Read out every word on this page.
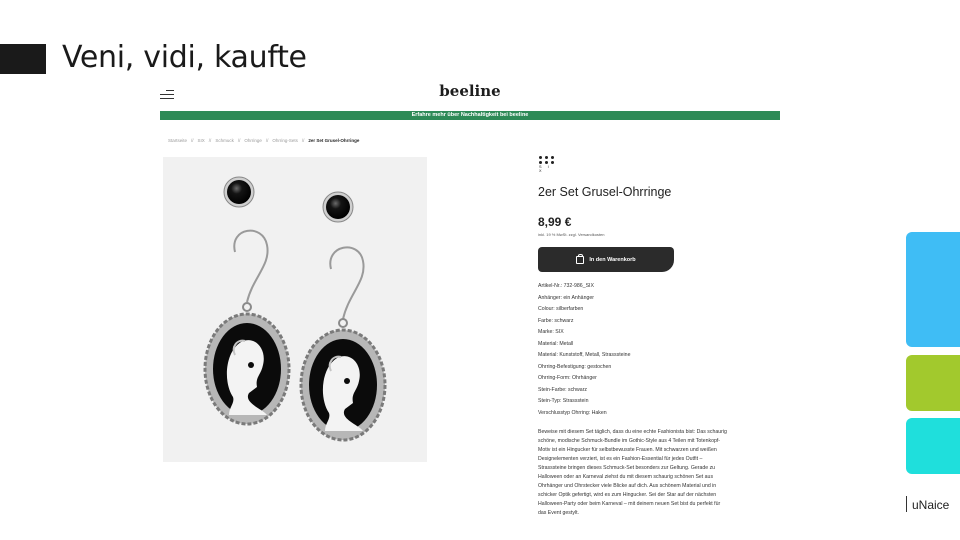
Veni, vidi, kaufte
beeline
Erfahre mehr über Nachhaltigkeit bei beeline
Startseite // SIX // Schmuck // Ohrringe // Ohrring-Sets // 2er Set Grusel-Ohrringe
S I X
2er Set Grusel-Ohrringe
8,99 €
inkl. 19 % MwSt. zzgl. Versandkosten
In den Warenkorb
Artikel-Nr.: 732-986_SIX
Anhänger: ein Anhänger
Colour: silberfarben
Farbe: schwarz
Marke: SIX
Material: Metall
Material: Kunststoff, Metall, Strasssteine
Ohrring-Befestigung: gestochen
Ohrring-Form: Ohrhänger
Stein-Farbe: schwarz
Stein-Typ: Strassstein
Verschlusstyp Ohrring: Haken
Beweise mit diesem Set täglich, dass du eine echte Fashionista bist: Das schaurig
schöne, modische Schmuck-Bundle im Gothic-Style aus 4 Teilen mit Totenkopf-
Motiv ist ein Hingucker für selbstbewusste Frauen. Mit schwarzen und weißen
Designelementen verziert, ist es ein Fashion-Essential für jedes Outfit –
Strasssteine bringen dieses Schmuck-Set besonders zur Geltung. Gerade zu
Halloween oder an Karneval ziehst du mit diesem schaurig schönen Set aus
Ohrhänger und Ohrstecker viele Blicke auf dich. Aus schönem Material und in
schicker Optik gefertigt, wird es zum Hingucker. Sei der Star auf der nächsten
Halloween-Party oder beim Karneval – mit deinem neuen Set bist du perfekt für
das Event gestylt.
uNaice
